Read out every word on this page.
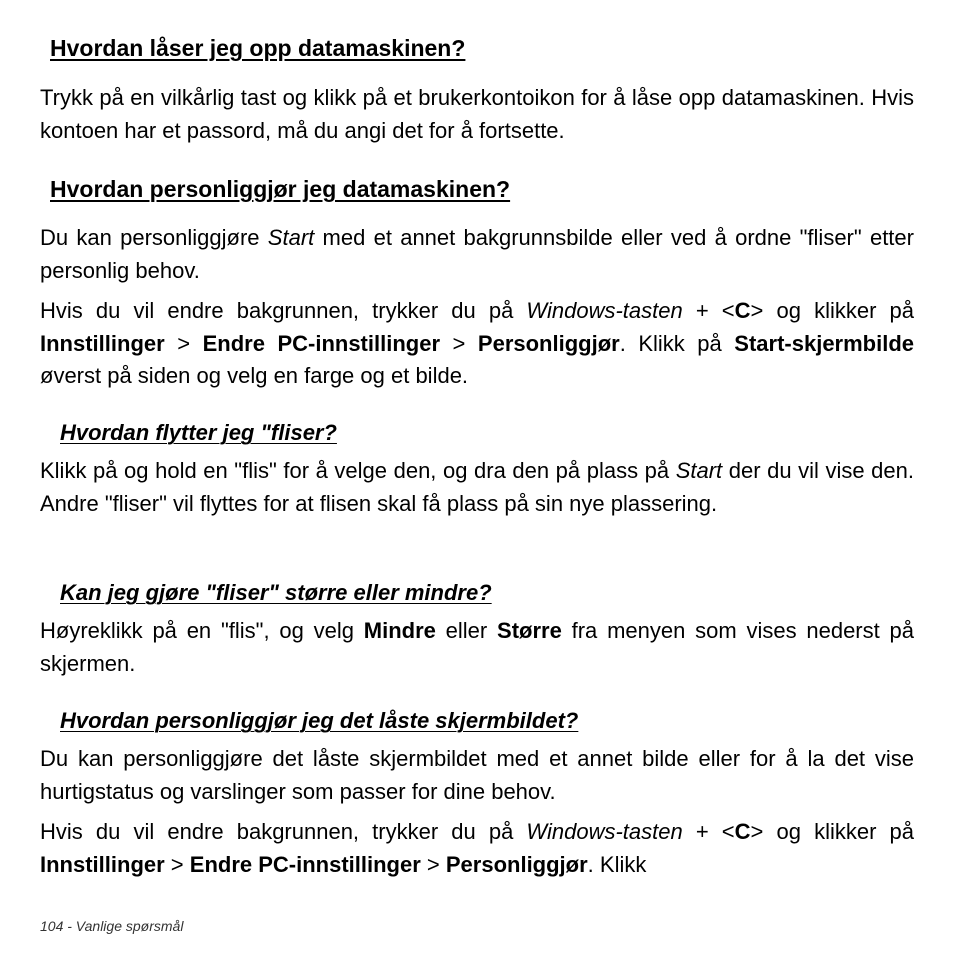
Hvordan låser jeg opp datamaskinen?

Trykk på en vilkårlig tast og klikk på et brukerkontoikon for å låse opp datamaskinen. Hvis kontoen har et passord, må du angi det for å fortsette.

Hvordan personliggjør jeg datamaskinen?

Du kan personliggjøre Start med et annet bakgrunnsbilde eller ved å ordne "fliser" etter personlig behov.

Hvis du vil endre bakgrunnen, trykker du på Windows-tasten + <C> og klikker på Innstillinger > Endre PC-innstillinger > Personliggjør. Klikk på Start-skjermbilde øverst på siden og velg en farge og et bilde.

Hvordan flytter jeg "fliser?

Klikk på og hold en "flis" for å velge den, og dra den på plass på Start der du vil vise den. Andre "fliser" vil flyttes for at flisen skal få plass på sin nye plassering.

Kan jeg gjøre "fliser" større eller mindre?

Høyreklikk på en "flis", og velg Mindre eller Større fra menyen som vises nederst på skjermen.

Hvordan personliggjør jeg det låste skjermbildet?

Du kan personliggjøre det låste skjermbildet med et annet bilde eller for å la det vise hurtigstatus og varslinger som passer for dine behov.

Hvis du vil endre bakgrunnen, trykker du på Windows-tasten + <C> og klikker på Innstillinger > Endre PC-innstillinger > Personliggjør. Klikk

104 - Vanlige spørsmål
